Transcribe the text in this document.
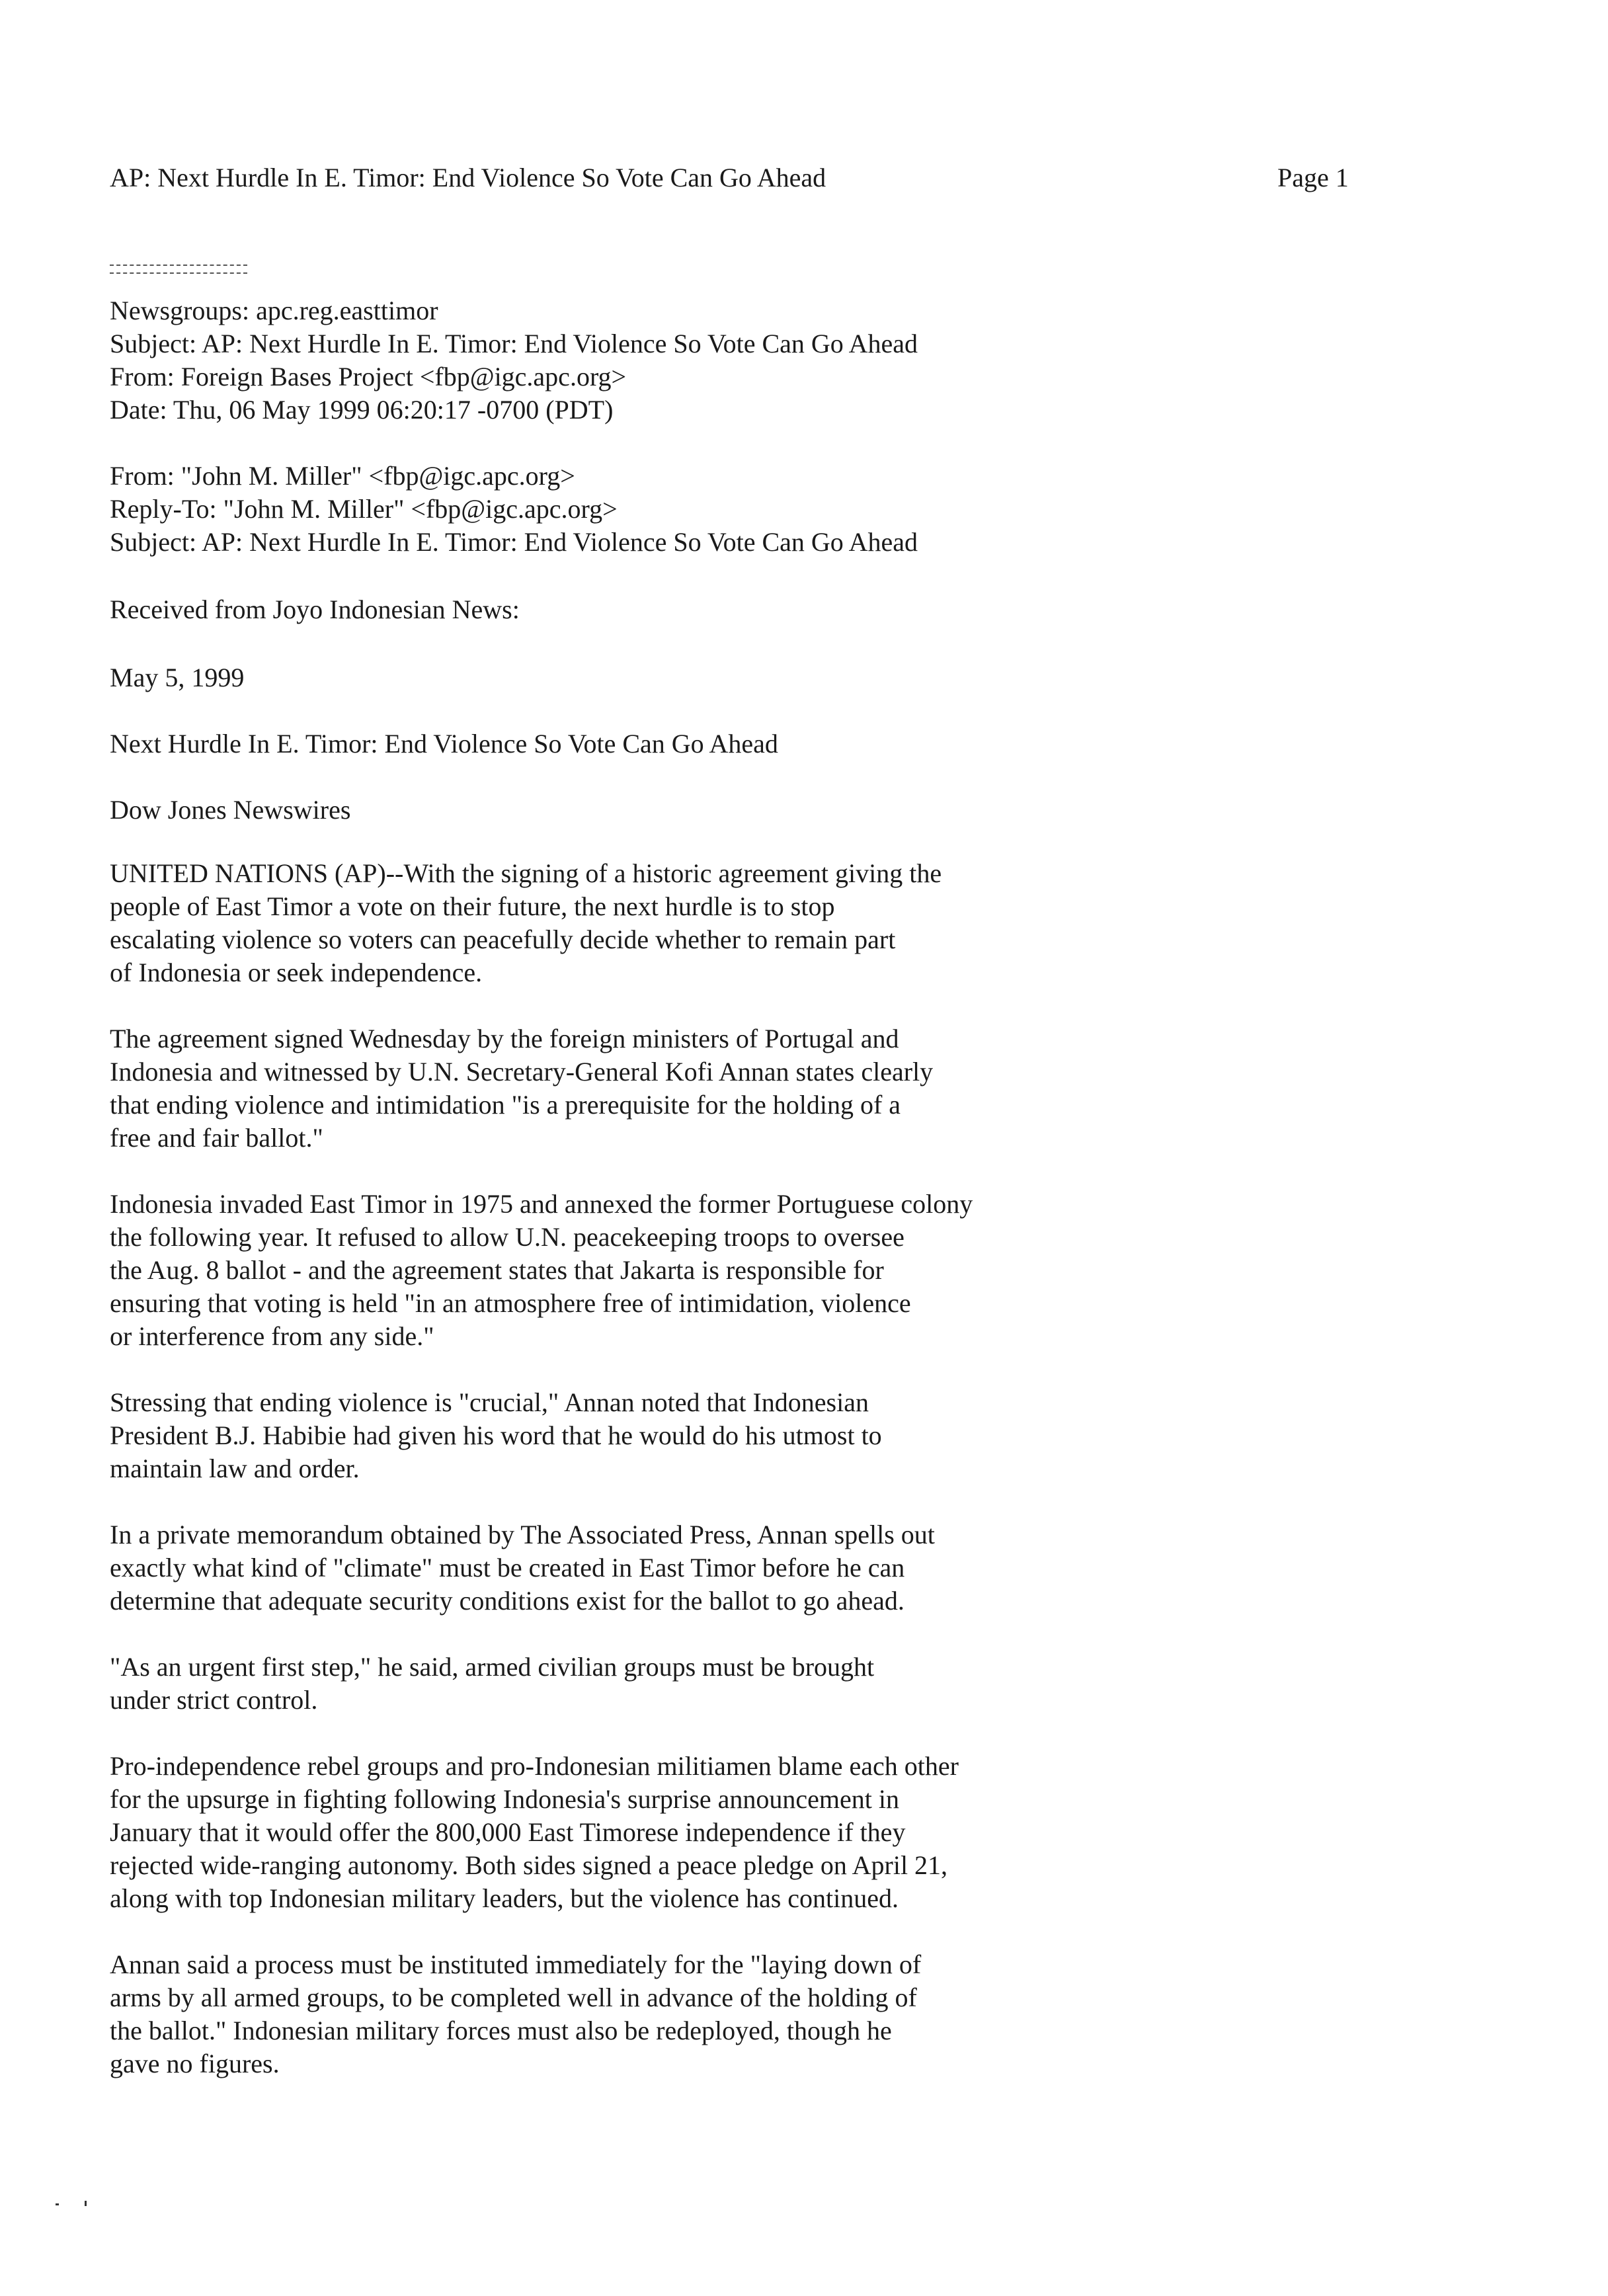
AP: Next Hurdle In E. Timor: End Violence So Vote Can Go Ahead	Page 1
Newsgroups: apc.reg.easttimor
Subject: AP: Next Hurdle In E. Timor: End Violence So Vote Can Go Ahead
From: Foreign Bases Project <fbp@igc.apc.org>
Date: Thu, 06 May 1999 06:20:17 -0700 (PDT)
From: "John M. Miller" <fbp@igc.apc.org>
Reply-To: "John M. Miller" <fbp@igc.apc.org>
Subject: AP: Next Hurdle In E. Timor: End Violence So Vote Can Go Ahead
Received from Joyo Indonesian News:
May 5, 1999
Next Hurdle In E. Timor: End Violence So Vote Can Go Ahead
Dow Jones Newswires
UNITED NATIONS (AP)--With the signing of a historic agreement giving the
people of East Timor a vote on their future, the next hurdle is to stop
escalating violence so voters can peacefully decide whether to remain part
of Indonesia or seek independence.
The agreement signed Wednesday by the foreign ministers of Portugal and
Indonesia and witnessed by U.N. Secretary-General Kofi Annan states clearly
that ending violence and intimidation "is a prerequisite for the holding of a
free and fair ballot."
Indonesia invaded East Timor in 1975 and annexed the former Portuguese colony
the following year. It refused to allow U.N. peacekeeping troops to oversee
the Aug. 8 ballot - and the agreement states that Jakarta is responsible for
ensuring that voting is held "in an atmosphere free of intimidation, violence
or interference from any side."
Stressing that ending violence is "crucial," Annan noted that Indonesian
President B.J. Habibie had given his word that he would do his utmost to
maintain law and order.
In a private memorandum obtained by The Associated Press, Annan spells out
exactly what kind of "climate" must be created in East Timor before he can
determine that adequate security conditions exist for the ballot to go ahead.
"As an urgent first step," he said, armed civilian groups must be brought
under strict control.
Pro-independence rebel groups and pro-Indonesian militiamen blame each other
for the upsurge in fighting following Indonesia's surprise announcement in
January that it would offer the 800,000 East Timorese independence if they
rejected wide-ranging autonomy. Both sides signed a peace pledge on April 21,
along with top Indonesian military leaders, but the violence has continued.
Annan said a process must be instituted immediately for the "laying down of
arms by all armed groups, to be completed well in advance of the holding of
the ballot." Indonesian military forces must also be redeployed, though he
gave no figures.
